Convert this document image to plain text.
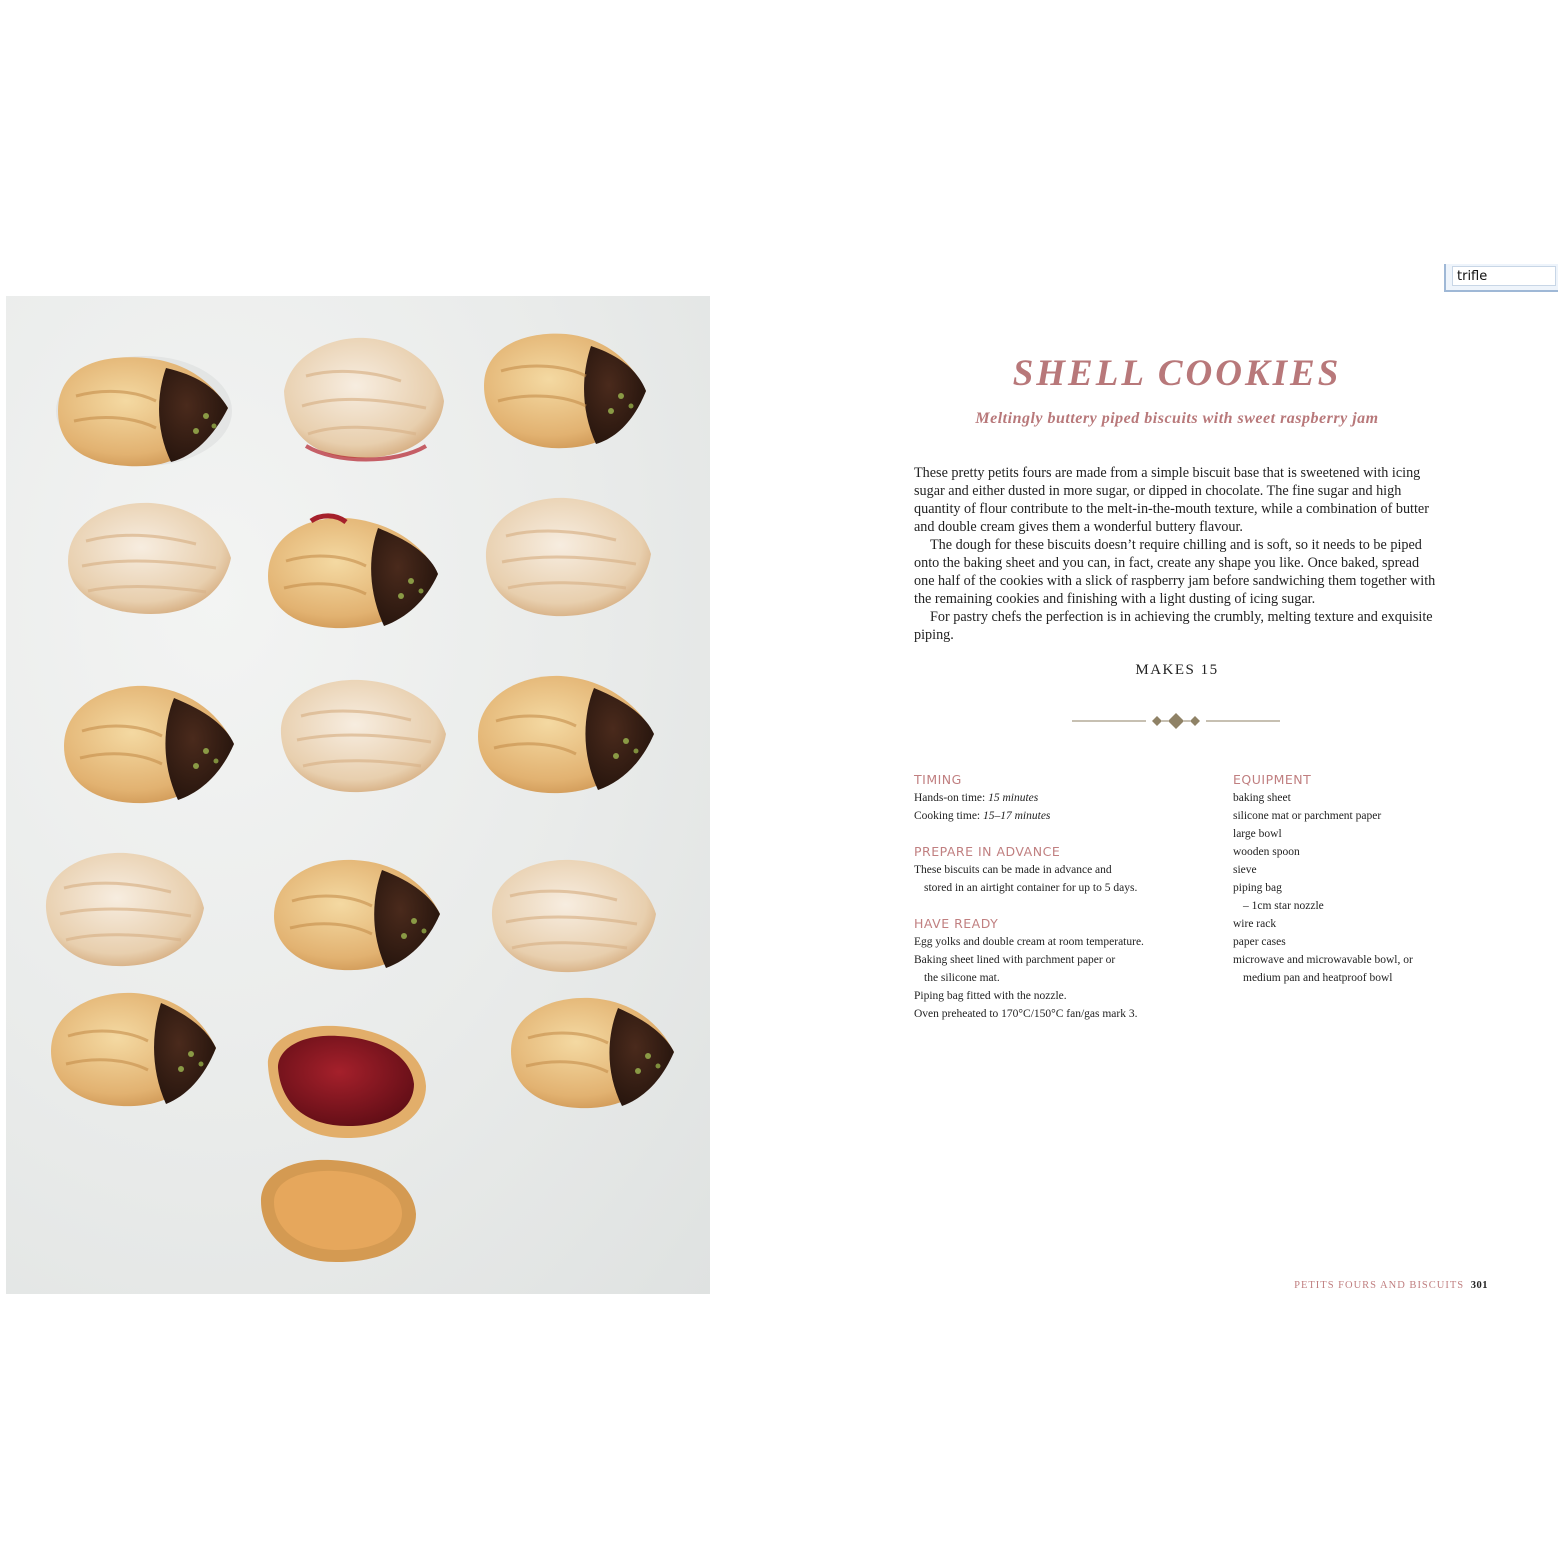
trifle
SHELL COOKIES
Meltingly buttery piped biscuits with sweet raspberry jam

These pretty petits fours are made from a simple biscuit base that is sweetened with icing sugar and either dusted in more sugar, or dipped in chocolate. The fine sugar and high quantity of flour contribute to the melt-in-the-mouth texture, while a combination of butter and double cream gives them a wonderful buttery flavour.

The dough for these biscuits doesn’t require chilling and is soft, so it needs to be piped onto the baking sheet and you can, in fact, create any shape you like. Once baked, spread one half of the cookies with a slick of raspberry jam before sandwiching them together with the remaining cookies and finishing with a light dusting of icing sugar.

For pastry chefs the perfection is in achieving the crumbly, melting texture and exquisite piping.

MAKES 15
TIMING
Hands-on time: 15 minutes
Cooking time: 15–17 minutes
PREPARE IN ADVANCE
These biscuits can be made in advance and
stored in an airtight container for up to 5 days.
HAVE READY
Egg yolks and double cream at room temperature.
Baking sheet lined with parchment paper or
the silicone mat.
Piping bag fitted with the nozzle.
Oven preheated to 170°C/150°C fan/gas mark 3.
EQUIPMENT
baking sheet
silicone mat or parchment paper
large bowl
wooden spoon
sieve
piping bag
– 1cm star nozzle
wire rack
paper cases
microwave and microwavable bowl, or
medium pan and heatproof bowl
PETITS FOURS AND BISCUITS 301
